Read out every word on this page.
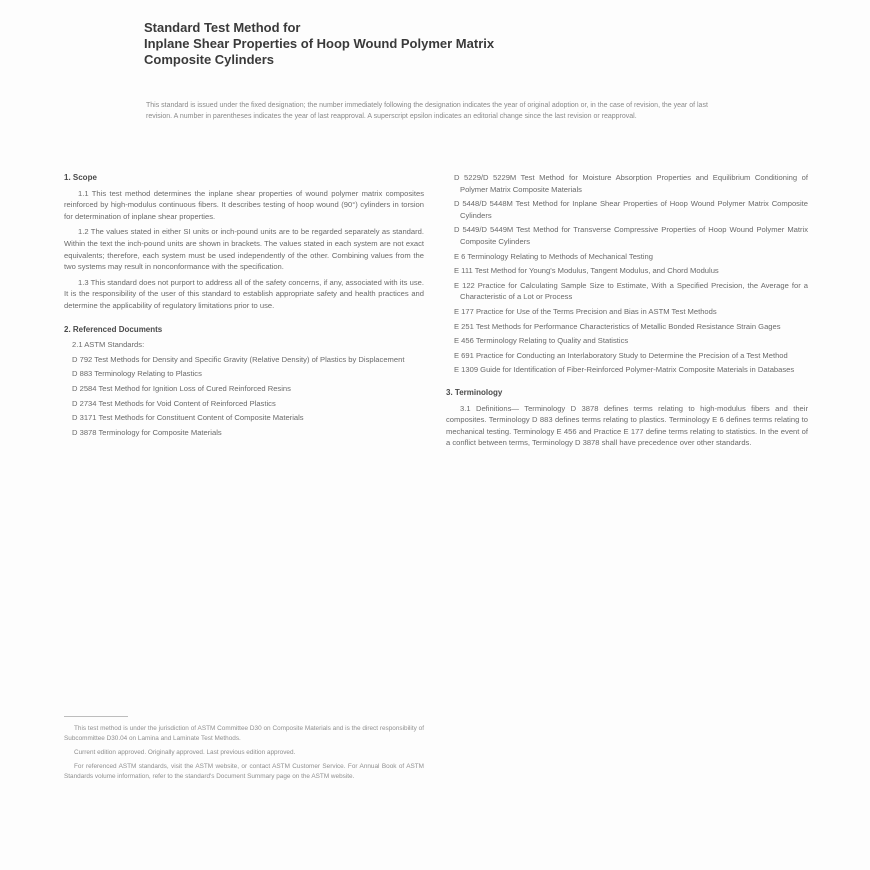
Standard Test Method for
Inplane Shear Properties of Hoop Wound Polymer Matrix
Composite Cylinders
This standard is issued under the fixed designation; the number immediately following the designation indicates the year of original adoption or, in the case of revision, the year of last revision. A number in parentheses indicates the year of last reapproval. A superscript epsilon indicates an editorial change since the last revision or reapproval.
1. Scope

1.1 This test method determines the inplane shear properties of wound polymer matrix composites reinforced by high-modulus continuous fibers. It describes testing of hoop wound (90°) cylinders in torsion for determination of inplane shear properties.

1.2 The values stated in either SI units or inch-pound units are to be regarded separately as standard. Within the text the inch-pound units are shown in brackets. The values stated in each system are not exact equivalents; therefore, each system must be used independently of the other. Combining values from the two systems may result in nonconformance with the specification.

1.3 This standard does not purport to address all of the safety concerns, if any, associated with its use. It is the responsibility of the user of this standard to establish appropriate safety and health practices and determine the applicability of regulatory limitations prior to use.

2. Referenced Documents

2.1 ASTM Standards:

D 792 Test Methods for Density and Specific Gravity (Relative Density) of Plastics by Displacement

D 883 Terminology Relating to Plastics

D 2584 Test Method for Ignition Loss of Cured Reinforced Resins

D 2734 Test Methods for Void Content of Reinforced Plastics

D 3171 Test Methods for Constituent Content of Composite Materials

D 3878 Terminology for Composite Materials

D 5229/D 5229M Test Method for Moisture Absorption Properties and Equilibrium Conditioning of Polymer Matrix Composite Materials

D 5448/D 5448M Test Method for Inplane Shear Properties of Hoop Wound Polymer Matrix Composite Cylinders

D 5449/D 5449M Test Method for Transverse Compressive Properties of Hoop Wound Polymer Matrix Composite Cylinders

E 6 Terminology Relating to Methods of Mechanical Testing

E 111 Test Method for Young's Modulus, Tangent Modulus, and Chord Modulus

E 122 Practice for Calculating Sample Size to Estimate, With a Specified Precision, the Average for a Characteristic of a Lot or Process

E 177 Practice for Use of the Terms Precision and Bias in ASTM Test Methods

E 251 Test Methods for Performance Characteristics of Metallic Bonded Resistance Strain Gages

E 456 Terminology Relating to Quality and Statistics

E 691 Practice for Conducting an Interlaboratory Study to Determine the Precision of a Test Method

E 1309 Guide for Identification of Fiber-Reinforced Polymer-Matrix Composite Materials in Databases

3. Terminology

3.1 Definitions— Terminology D 3878 defines terms relating to high-modulus fibers and their composites. Terminology D 883 defines terms relating to plastics. Terminology E 6 defines terms relating to mechanical testing. Terminology E 456 and Practice E 177 define terms relating to statistics. In the event of a conflict between terms, Terminology D 3878 shall have precedence over other standards.

This test method is under the jurisdiction of ASTM Committee D30 on Composite Materials and is the direct responsibility of Subcommittee D30.04 on Lamina and Laminate Test Methods.

Current edition approved. Originally approved. Last previous edition approved.

For referenced ASTM standards, visit the ASTM website, or contact ASTM Customer Service. For Annual Book of ASTM Standards volume information, refer to the standard's Document Summary page on the ASTM website.
